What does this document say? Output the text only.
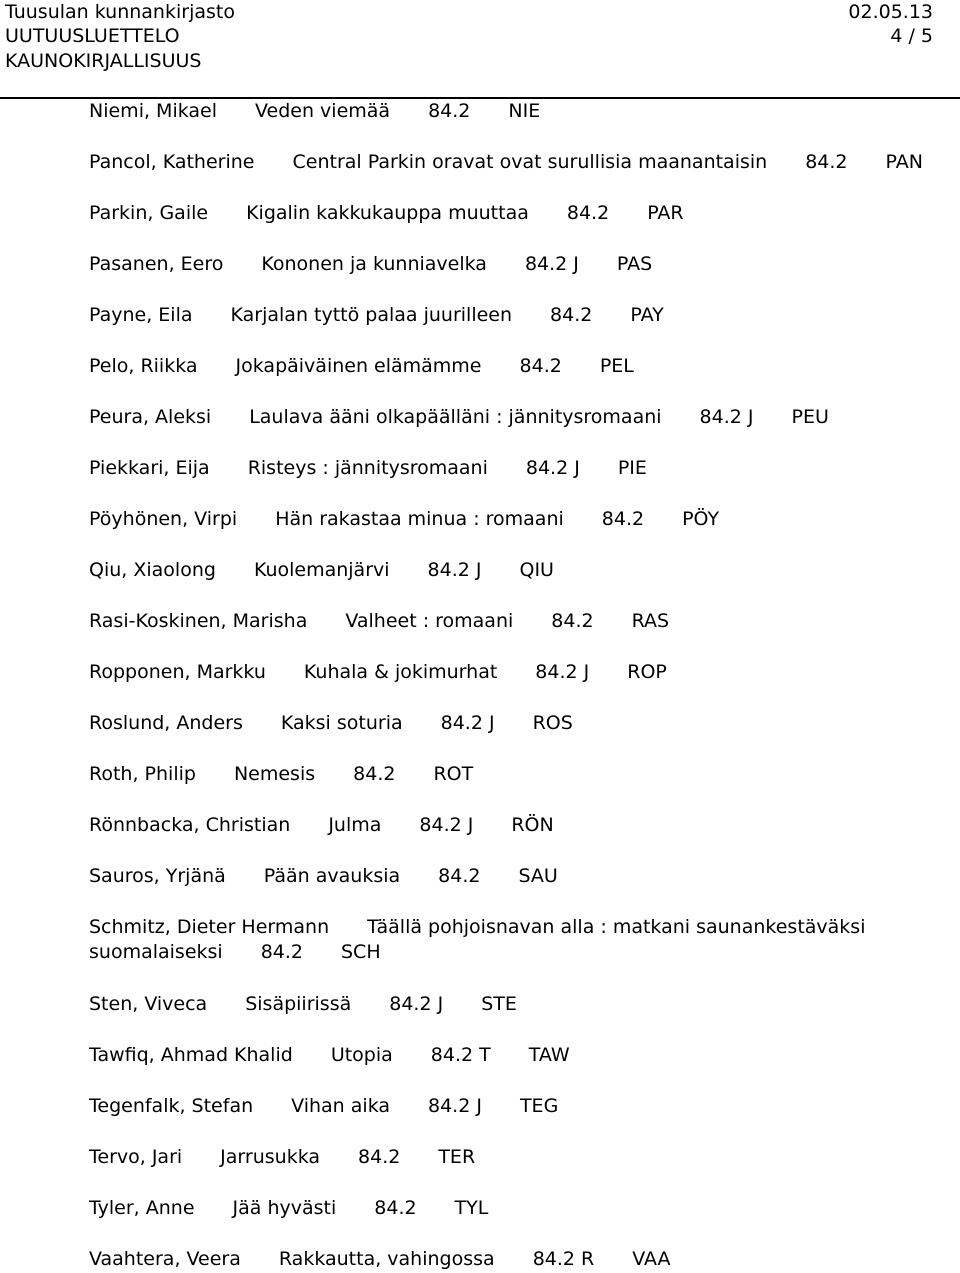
Tuusulan kunnankirjasto
UUTUUSLUETTELO
KAUNOKIRJALLISUUS
02.05.13
4 / 5
Niemi, Mikael Veden viemää 84.2 NIE
Pancol, Katherine Central Parkin oravat ovat surullisia maanantaisin 84.2 PAN
Parkin, Gaile Kigalin kakkukauppa muuttaa 84.2 PAR
Pasanen, Eero Kononen ja kunniavelka 84.2 J PAS
Payne, Eila Karjalan tyttö palaa juurilleen 84.2 PAY
Pelo, Riikka Jokapäiväinen elämämme 84.2 PEL
Peura, Aleksi Laulava ääni olkapäälläni : jännitysromaani 84.2 J PEU
Piekkari, Eija Risteys : jännitysromaani 84.2 J PIE
Pöyhönen, Virpi Hän rakastaa minua : romaani 84.2 PÖY
Qiu, Xiaolong Kuolemanjärvi 84.2 J QIU
Rasi-Koskinen, Marisha Valheet : romaani 84.2 RAS
Ropponen, Markku Kuhala & jokimurhat 84.2 J ROP
Roslund, Anders Kaksi soturia 84.2 J ROS
Roth, Philip Nemesis 84.2 ROT
Rönnbacka, Christian Julma 84.2 J RÖN
Sauros, Yrjänä Pään avauksia 84.2 SAU
Schmitz, Dieter Hermann Täällä pohjoisnavan alla : matkani saunankestäväksi suomalaiseksi 84.2 SCH
Sten, Viveca Sisäpiirissä 84.2 J STE
Tawfiq, Ahmad Khalid Utopia 84.2 T TAW
Tegenfalk, Stefan Vihan aika 84.2 J TEG
Tervo, Jari Jarrusukka 84.2 TER
Tyler, Anne Jää hyvästi 84.2 TYL
Vaahtera, Veera Rakkautta, vahingossa 84.2 R VAA
